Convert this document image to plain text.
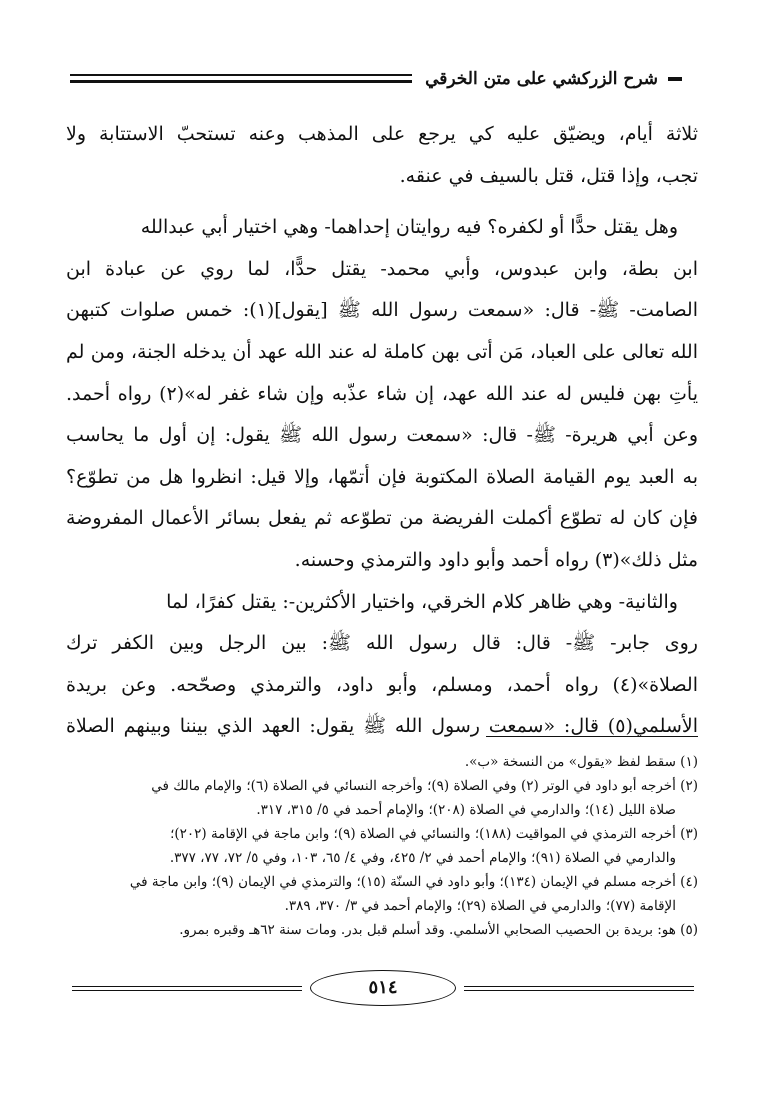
شرح الزركشي على متن الخرقي
ثلاثة أيام، ويضيّق عليه كي يرجع على المذهب وعنه تستحبّ الاستتابة ولا
تجب، وإذا قتل، قتل بالسيف في عنقه.
وهل يقتل حدًّا أو لكفره؟ فيه روايتان إحداهما- وهي اختيار أبي عبدالله
ابن بطة، وابن عبدوس، وأبي محمد- يقتل حدًّا، لما روي عن عبادة ابن
الصامت- ﷺ- قال: «سمعت رسول الله ﷺ [يقول](١): خمس صلوات كتبهن
الله تعالى على العباد، مَن أتى بهن كاملة له عند الله عهد أن يدخله الجنة، ومن لم
يأتِ بهن فليس له عند الله عهد، إن شاء عذّبه وإن شاء غفر له»(٢) رواه أحمد.
وعن أبي هريرة- ﷺ- قال: «سمعت رسول الله ﷺ يقول: إن أول ما يحاسب
به العبد يوم القيامة الصلاة المكتوبة فإن أتمّها، وإلا قيل: انظروا هل من تطوّع؟
فإن كان له تطوّع أكملت الفريضة من تطوّعه ثم يفعل بسائر الأعمال المفروضة
مثل ذلك»(٣) رواه أحمد وأبو داود والترمذي وحسنه.
والثانية- وهي ظاهر كلام الخرقي، واختيار الأكثرين-: يقتل كفرًا، لما
روى جابر- ﷺ- قال: قال رسول الله ﷺ: بين الرجل وبين الكفر ترك
الصلاة»(٤) رواه أحمد، ومسلم، وأبو داود، والترمذي وصحّحه. وعن بريدة
الأسلمي(٥) قال: «سمعت رسول الله ﷺ يقول: العهد الذي بيننا وبينهم الصلاة
(١) سقط لفظ «يقول» من النسخة «ب».
(٢) أخرجه أبو داود في الوتر (٢) وفي الصلاة (٩)؛ وأخرجه النسائي في الصلاة (٦)؛ والإمام مالك في
صلاة الليل (١٤)؛ والدارمي في الصلاة (٢٠٨)؛ والإمام أحمد في ٥/ ٣١٥، ٣١٧.
(٣) أخرجه الترمذي في المواقيت (١٨٨)؛ والنسائي في الصلاة (٩)؛ وابن ماجة في الإقامة (٢٠٢)؛
والدارمي في الصلاة (٩١)؛ والإمام أحمد في ٢/ ٤٢٥، وفي ٤/ ٦٥، ١٠٣، وفي ٥/ ٧٢، ٧٧، ٣٧٧.
(٤) أخرجه مسلم في الإيمان (١٣٤)؛ وأبو داود في السنّة (١٥)؛ والترمذي في الإيمان (٩)؛ وابن ماجة في
الإقامة (٧٧)؛ والدارمي في الصلاة (٢٩)؛ والإمام أحمد في ٣/ ٣٧٠، ٣٨٩.
(٥) هو: بريدة بن الحصيب الصحابي الأسلمي. وقد أسلم قبل بدر. ومات سنة ٦٢هـ وقبره بمرو.
٥١٤
